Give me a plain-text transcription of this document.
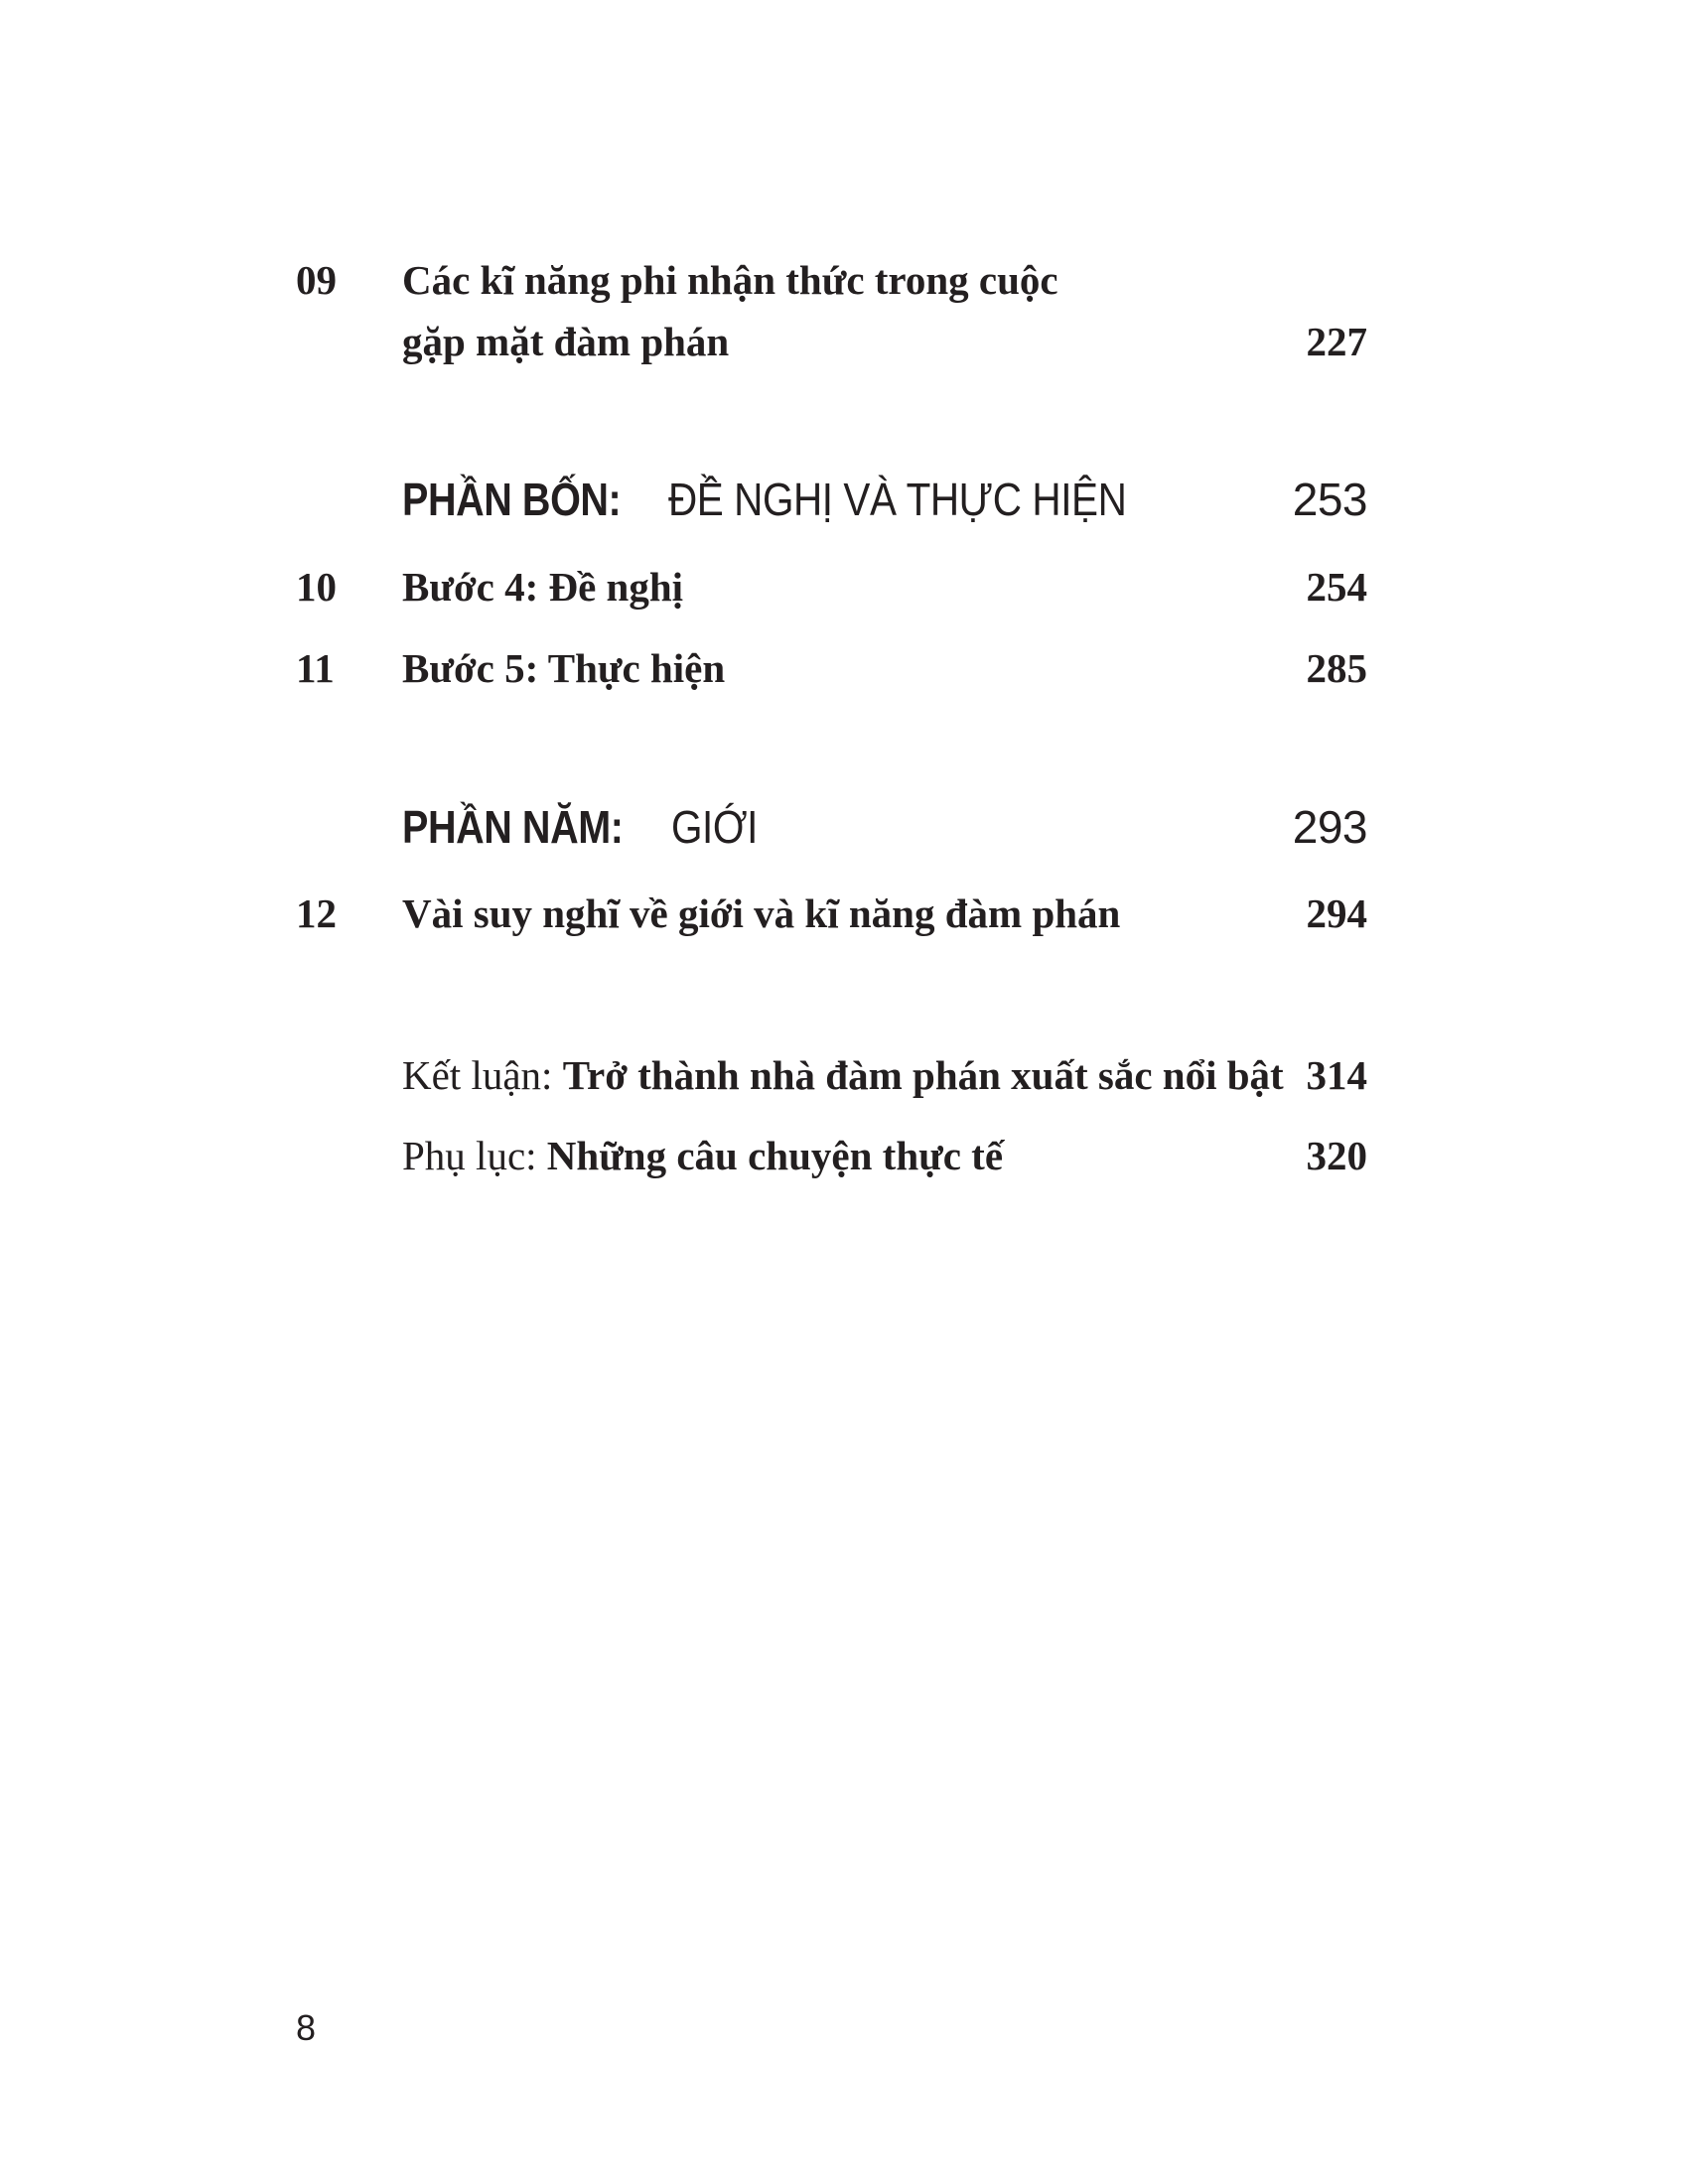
09 Các kĩ năng phi nhận thức trong cuộc
gặp mặt đàm phán	227
PHẦN BỐN: ĐỀ NGHỊ VÀ THỰC HIỆN	253
10 Bước 4: Đề nghị	254
11 Bước 5: Thực hiện	285
PHẦN NĂM: GIỚI	293
12 Vài suy nghĩ về giới và kĩ năng đàm phán	294
Kết luận: Trở thành nhà đàm phán xuất sắc nổi bật 314
Phụ lục: Những câu chuyện thực tế	320
8
